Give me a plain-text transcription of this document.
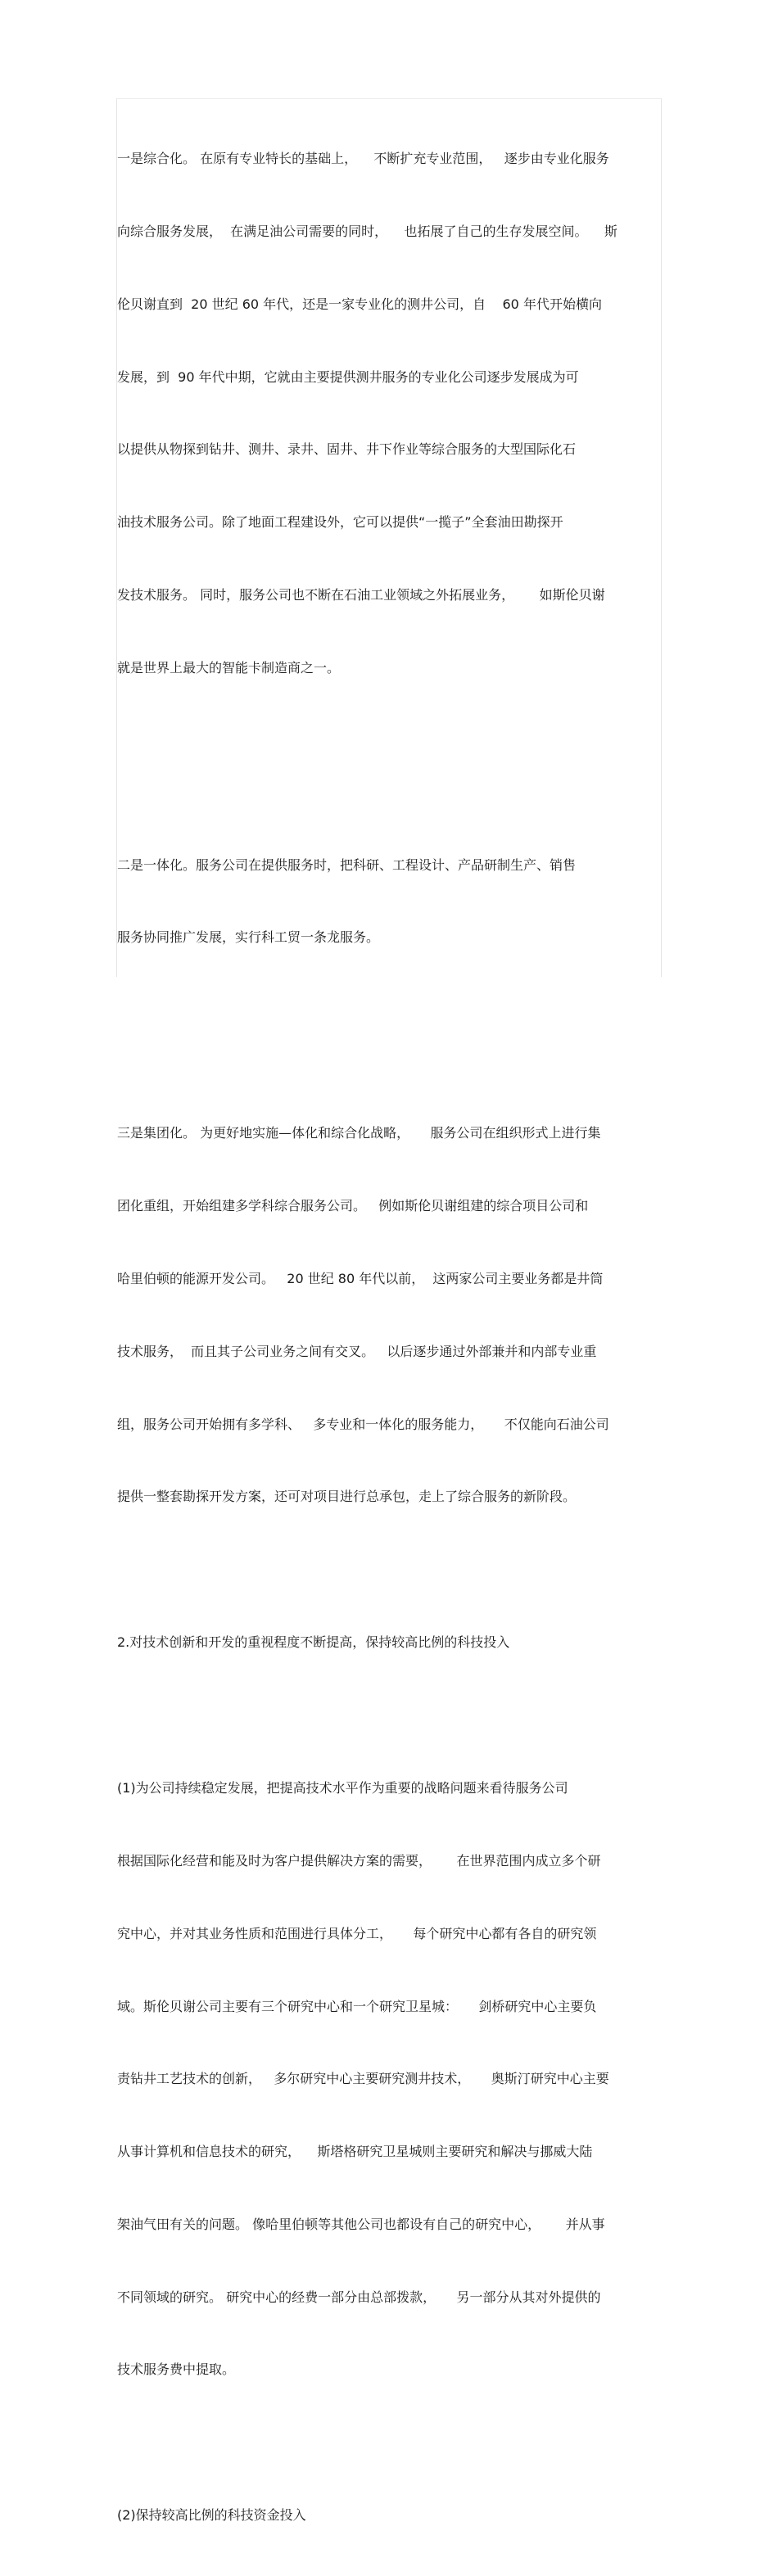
一是综合化。 在原有专业特长的基础上，    不断扩充专业范围，   逐步由专业化服务

向综合服务发展，  在满足油公司需要的同时，    也拓展了自己的生存发展空间。    斯

伦贝谢直到  20 世纪 60 年代，还是一家专业化的测井公司，自    60 年代开始横向

发展，到  90 年代中期，它就由主要提供测井服务的专业化公司逐步发展成为可

以提供从物探到钻井、测井、录井、固井、井下作业等综合服务的大型国际化石

油技术服务公司。除了地面工程建设外，它可以提供“一揽子”全套油田勘探开

发技术服务。 同时，服务公司也不断在石油工业领域之外拓展业务，      如斯伦贝谢

就是世界上最大的智能卡制造商之一。

二是一体化。服务公司在提供服务时，把科研、工程设计、产品研制生产、销售

服务协同推广发展，实行科工贸一条龙服务。

三是集团化。 为更好地实施—体化和综合化战略，     服务公司在组织形式上进行集

团化重组，开始组建多学科综合服务公司。   例如斯伦贝谢组建的综合项目公司和

哈里伯顿的能源开发公司。   20 世纪 80 年代以前，  这两家公司主要业务都是井筒

技术服务，  而且其子公司业务之间有交叉。   以后逐步通过外部兼并和内部专业重

组，服务公司开始拥有多学科、   多专业和一体化的服务能力，     不仅能向石油公司

提供一整套勘探开发方案，还可对项目进行总承包，走上了综合服务的新阶段。

2.对技术创新和开发的重视程度不断提高，保持较高比例的科技投入

(1)为公司持续稳定发展，把提高技术水平作为重要的战略问题来看待服务公司

根据国际化经营和能及时为客户提供解决方案的需要，      在世界范围内成立多个研

究中心，并对其业务性质和范围进行具体分工，     每个研究中心都有各自的研究领

域。斯伦贝谢公司主要有三个研究中心和一个研究卫星城：     剑桥研究中心主要负

责钻井工艺技术的创新，   多尔研究中心主要研究测井技术，     奥斯汀研究中心主要

从事计算机和信息技术的研究，    斯塔格研究卫星城则主要研究和解决与挪威大陆

架油气田有关的问题。 像哈里伯顿等其他公司也都设有自己的研究中心，      并从事

不同领域的研究。 研究中心的经费一部分由总部拨款，     另一部分从其对外提供的

技术服务费中提取。

(2)保持较高比例的科技资金投入
